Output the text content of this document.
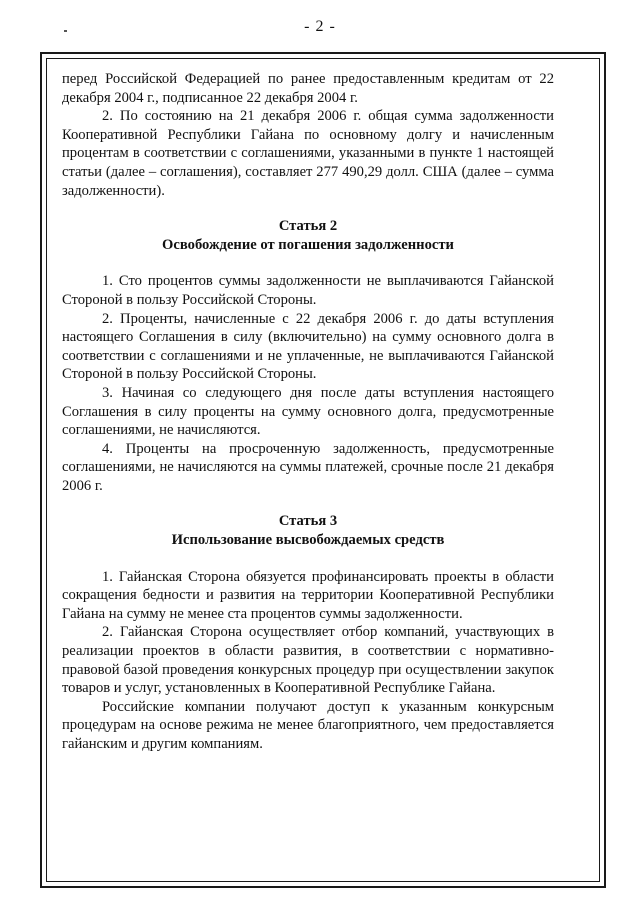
- 2 -

перед Российской Федерацией по ранее предоставленным кредитам от 22 декабря 2004 г., подписанное 22 декабря 2004 г.

2. По состоянию на 21 декабря 2006 г. общая сумма задолженности Кооперативной Республики Гайана по основному долгу и начисленным процентам в соответствии с соглашениями, указанными в пункте 1 настоящей статьи (далее – соглашения), составляет 277 490,29 долл. США (далее – сумма задолженности).

Статья 2

Освобождение от погашения задолженности

1. Сто процентов суммы задолженности не выплачиваются Гайанской Стороной в пользу Российской Стороны.

2. Проценты, начисленные с 22 декабря 2006 г. до даты вступления настоящего Соглашения в силу (включительно) на сумму основного долга в соответствии с соглашениями и не уплаченные, не выплачиваются Гайанской Стороной в пользу Российской Стороны.

3. Начиная со следующего дня после даты вступления настоящего Соглашения в силу проценты на сумму основного долга, предусмотренные соглашениями, не начисляются.

4. Проценты на просроченную задолженность, предусмотренные соглашениями, не начисляются на суммы платежей, срочные после 21 декабря 2006 г.

Статья 3

Использование высвобождаемых средств

1. Гайанская Сторона обязуется профинансировать проекты в области сокращения бедности и развития на территории Кооперативной Республики Гайана на сумму не менее ста процентов суммы задолженности.

2. Гайанская Сторона осуществляет отбор компаний, участвующих в реализации проектов в области развития, в соответствии с нормативно-правовой базой проведения конкурсных процедур при осуществлении закупок товаров и услуг, установленных в Кооперативной Республике Гайана.

Российские компании получают доступ к указанным конкурсным процедурам на основе режима не менее благоприятного, чем предоставляется гайанским и другим компаниям.
